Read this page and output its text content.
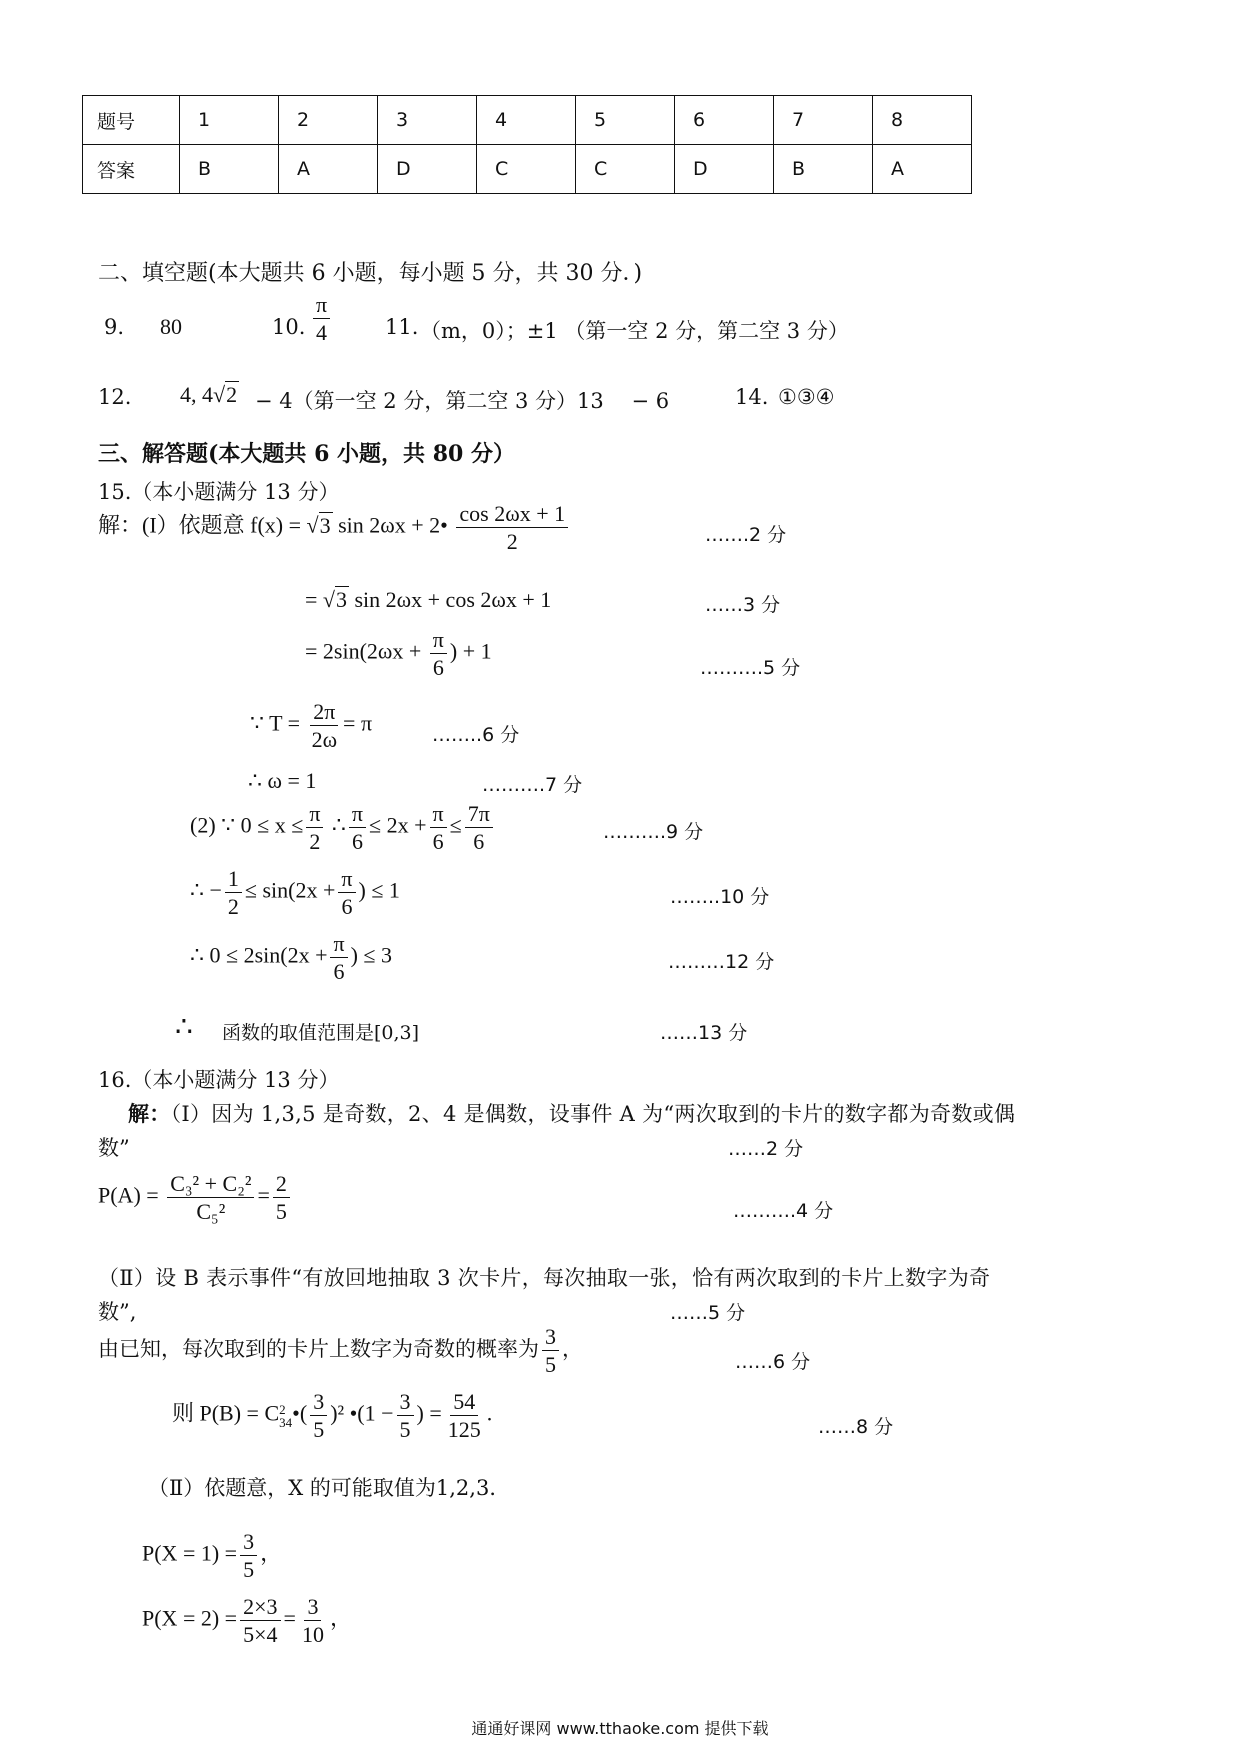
题号	1	2	3	4	5	6	7	8
答案	B	A	D	C	C	D	B	A
二、填空题(本大题共 6 小题，每小题 5 分，共 30 分．)
9. 80	10. $\frac{\pi}{4}$	11. （m，0）；±1 （第一空 2 分，第二空 3 分）
12. 4, 4√2 − 4（第一空 2 分，第二空 3 分）13　 − 6	14. ①③④
三、解答题(本大题共 6 小题，共 80 分）
15.（本小题满分 13 分）
解：(I）依题意 f(x) = √3 sin 2ωx + 2• $\frac{\cos 2\omega x + 1}{2}$	…….2 分
= √3 sin 2ωx + cos 2ωx + 1	……3 分
= $2\sin(2\omega x + \frac{\pi}{6}$ ) + 1
……….5 分
∵ $T = \frac{2\pi}{2\omega} = \pi$	……..6 分
∴ ω = 1	……….7 分
(2) ∵ $0 \le x \le \frac{\pi}{2}$ ∴ $\frac{\pi}{6} \le 2x + \frac{\pi}{6} \le \frac{7\pi}{6}$	……….9 分
∴ − $\frac{1}{2} \le \sin(2x + \frac{\pi}{6}$ ) ≤ 1	……..10 分
∴ $0 \le 2\sin(2x + \frac{\pi}{6}$ ) ≤ 3	………12 分
∴ 函数的取值范围是[0,3]	……13 分
16.（本小题满分 13 分）
解：（Ⅰ）因为 1,3,5 是奇数，2、4 是偶数，设事件 A 为“两次取到的卡片的数字都为奇数或偶
数”	……2 分
$P(A) = \frac{\text{C₃² + C₂²}}{\text{C₅²}} = \frac{2}{5}$	……….4 分
（Ⅱ）设 B 表示事件“有放回地抽取 3 次卡片，每次抽取一张，恰有两次取到的卡片上数字为奇
数”,	……5 分
由已知，每次取到的卡片上数字为奇数的概率为 $\frac{3}{5}$ ，
……6 分
则 P(B) = C 2
34 •( $\frac{3}{5} )^2$ •(1 − $\frac{3}{5}$ ) = $\frac{54}{125}$ .
……8 分
（Ⅱ）依题意，X 的可能取值为1,2,3．
$P(X = 1) = \frac{3}{5}$ ，
$P(X = 2) = \frac{2\times 3}{5\times 4} = \frac{3}{10}$ ，
通通好课网 www.tthaoke.com 提供下载
